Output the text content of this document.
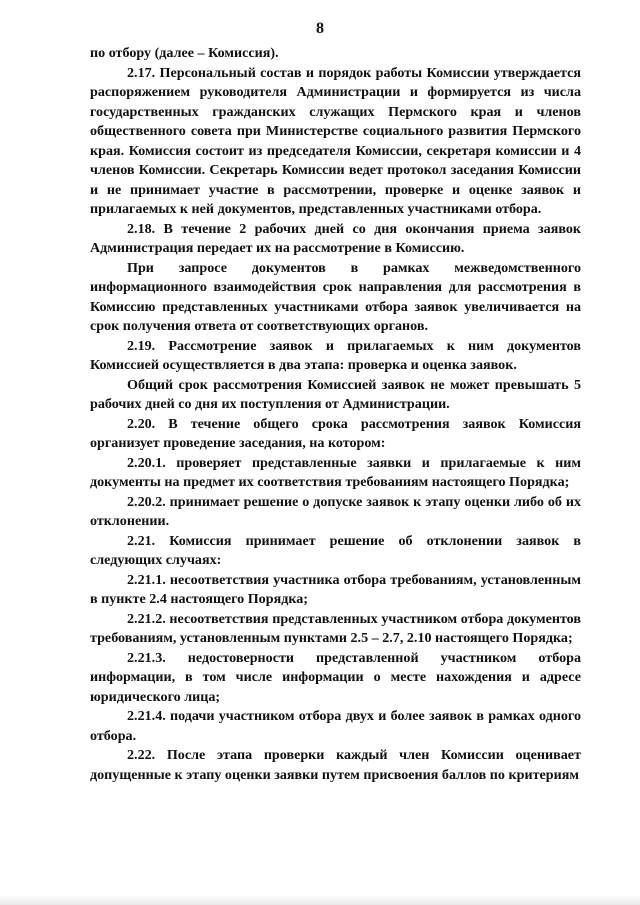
8

по отбору (далее – Комиссия).

2.17. Персональный состав и порядок работы Комиссии утверждается распоряжением руководителя Администрации и формируется из числа государственных гражданских служащих Пермского края и членов общественного совета при Министерстве социального развития Пермского края. Комиссия состоит из председателя Комиссии, секретаря комиссии и 4 членов Комиссии. Секретарь Комиссии ведет протокол заседания Комиссии и не принимает участие в рассмотрении, проверке и оценке заявок и прилагаемых к ней документов, представленных участниками отбора.

2.18. В течение 2 рабочих дней со дня окончания приема заявок Администрация передает их на рассмотрение в Комиссию.

При запросе документов в рамках межведомственного информационного взаимодействия срок направления для рассмотрения в Комиссию представленных участниками отбора заявок увеличивается на срок получения ответа от соответствующих органов.

2.19. Рассмотрение заявок и прилагаемых к ним документов Комиссией осуществляется в два этапа: проверка и оценка заявок.

Общий срок рассмотрения Комиссией заявок не может превышать 5 рабочих дней со дня их поступления от Администрации.

2.20. В течение общего срока рассмотрения заявок Комиссия организует проведение заседания, на котором:

2.20.1. проверяет представленные заявки и прилагаемые к ним документы на предмет их соответствия требованиям настоящего Порядка;

2.20.2. принимает решение о допуске заявок к этапу оценки либо об их отклонении.

2.21. Комиссия принимает решение об отклонении заявок в следующих случаях:

2.21.1. несоответствия участника отбора требованиям, установленным в пункте 2.4 настоящего Порядка;

2.21.2. несоответствия представленных участником отбора документов требованиям, установленным пунктами 2.5 – 2.7, 2.10 настоящего Порядка;

2.21.3. недостоверности представленной участником отбора информации, в том числе информации о месте нахождения и адресе юридического лица;

2.21.4. подачи участником отбора двух и более заявок в рамках одного отбора.

2.22. После этапа проверки каждый член Комиссии оценивает допущенные к этапу оценки заявки путем присвоения баллов по критериям
